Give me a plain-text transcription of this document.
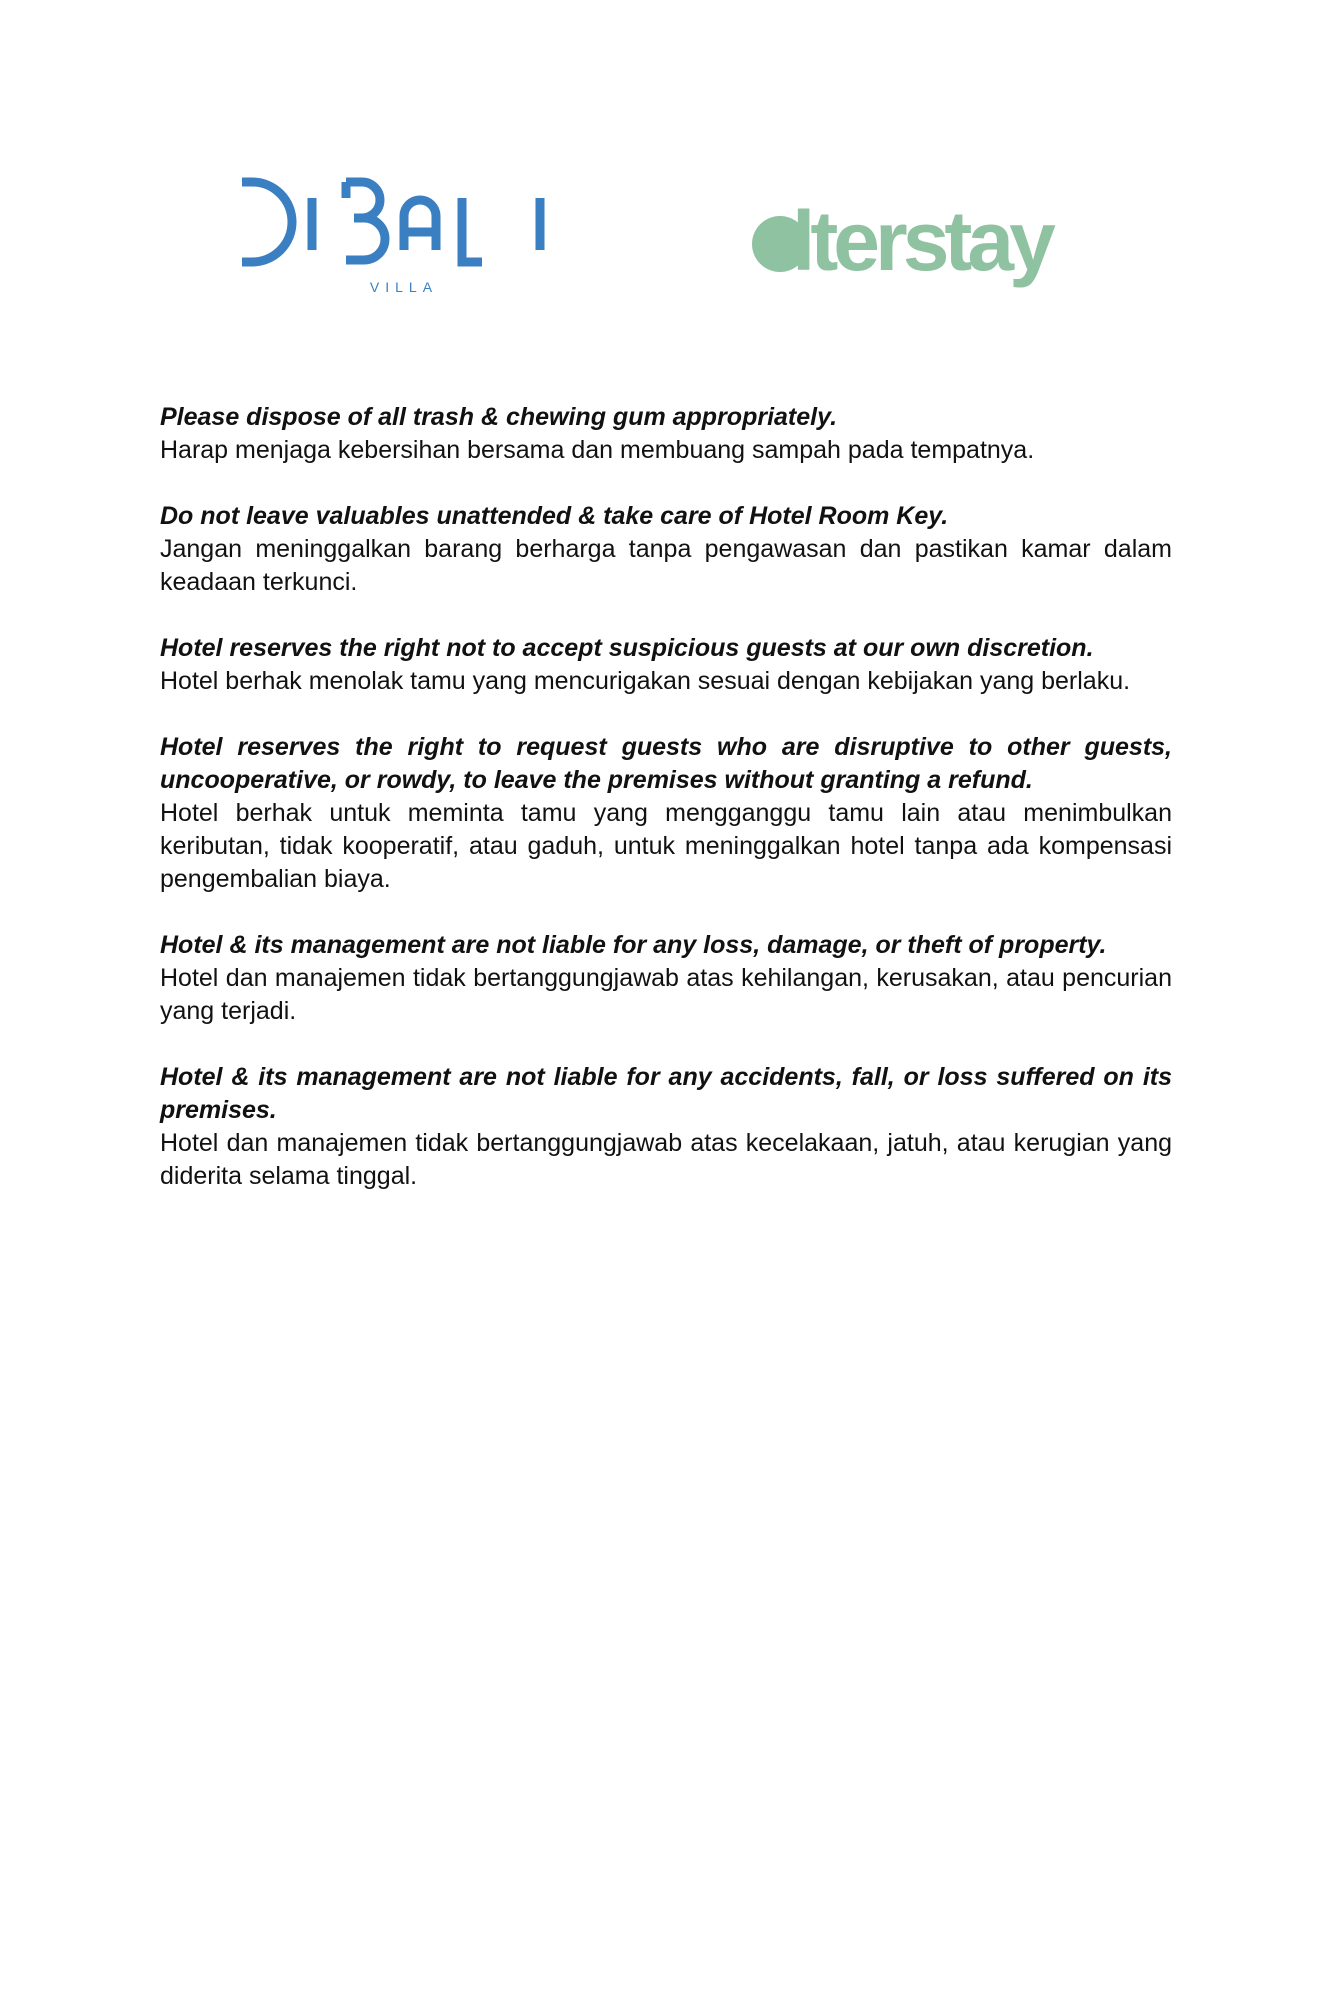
VILLA	lterstay

Please dispose of all trash & chewing gum appropriately.

Harap menjaga kebersihan bersama dan membuang sampah pada tempatnya.

Do not leave valuables unattended & take care of Hotel Room Key.

Jangan meninggalkan barang berharga tanpa pengawasan dan pastikan kamar dalam keadaan terkunci.

Hotel reserves the right not to accept suspicious guests at our own discretion.

Hotel berhak menolak tamu yang mencurigakan sesuai dengan kebijakan yang berlaku.

Hotel reserves the right to request guests who are disruptive to other guests, uncooperative, or rowdy, to leave the premises without granting a refund.

Hotel berhak untuk meminta tamu yang mengganggu tamu lain atau menimbulkan keributan, tidak kooperatif, atau gaduh, untuk meninggalkan hotel tanpa ada kompensasi pengembalian biaya.

Hotel & its management are not liable for any loss, damage, or theft of property.

Hotel dan manajemen tidak bertanggungjawab atas kehilangan, kerusakan, atau pencurian yang terjadi.

Hotel & its management are not liable for any accidents, fall, or loss suffered on its premises.

Hotel dan manajemen tidak bertanggungjawab atas kecelakaan, jatuh, atau kerugian yang diderita selama tinggal.
